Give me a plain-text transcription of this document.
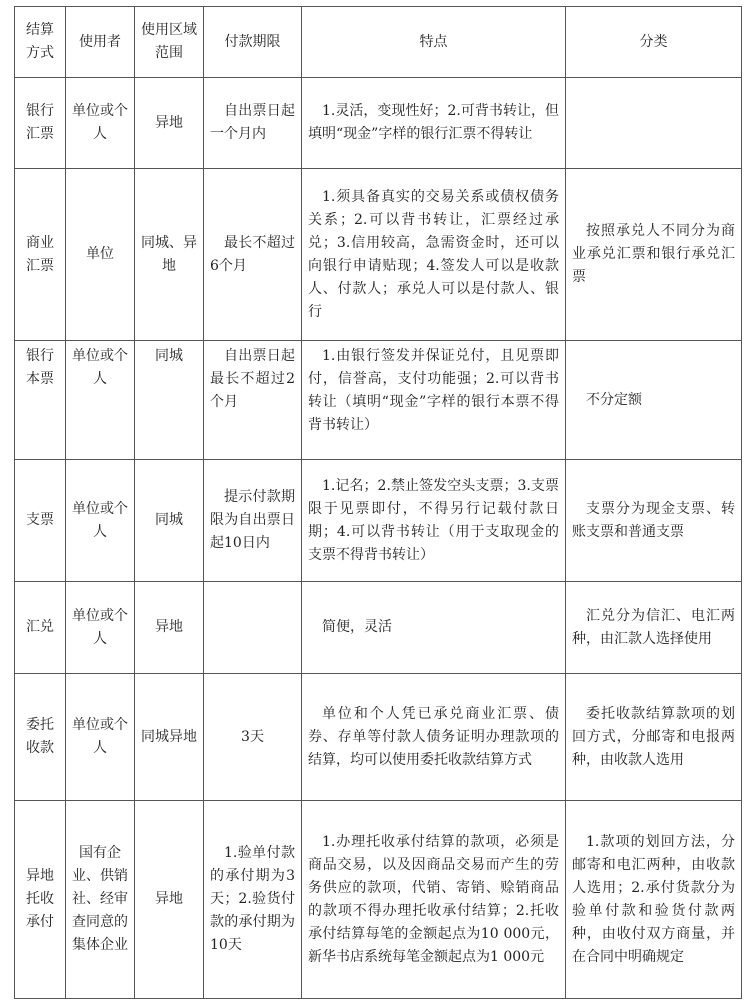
结算方式	使用者	使用区域范围	付款期限	特点	分类
银行汇票	单位或个人	异地	自出票日起一个月内	1.灵活，变现性好；2.可背书转让，但填明“现金”字样的银行汇票不得转让	
商业汇票	单位	同城、异地	最长不超过6个月	1.须具备真实的交易关系或债权债务关系；2.可以背书转让，汇票经过承兑；3.信用较高，急需资金时，还可以向银行申请贴现；4.签发人可以是收款人、付款人；承兑人可以是付款人、银行	按照承兑人不同分为商业承兑汇票和银行承兑汇票
银行本票	单位或个人	同城	自出票日起最长不超过2个月	1.由银行签发并保证兑付，且见票即付，信誉高，支付功能强；2.可以背书转让（填明“现金”字样的银行本票不得背书转让）	不分定额
支票	单位或个人	同城	提示付款期限为自出票日起10日内	1.记名；2.禁止签发空头支票；3.支票限于见票即付，不得另行记载付款日期；4.可以背书转让（用于支取现金的支票不得背书转让）	支票分为现金支票、转账支票和普通支票
汇兑	单位或个人	异地		简便，灵活	汇兑分为信汇、电汇两种，由汇款人选择使用
委托收款	单位或个人	同城异地	3天	单位和个人凭已承兑商业汇票、债券、存单等付款人债务证明办理款项的结算，均可以使用委托收款结算方式	委托收款结算款项的划回方式，分邮寄和电报两种，由收款人选用
异地托收承付	国有企业、供销社、经审查同意的集体企业	异地	1.验单付款的承付期为3天；2.验货付款的承付期为10天	1.办理托收承付结算的款项，必须是商品交易，以及因商品交易而产生的劳务供应的款项，代销、寄销、赊销商品的款项不得办理托收承付结算；2.托收承付结算每笔的金额起点为10 000元，新华书店系统每笔金额起点为1 000元	1.款项的划回方法，分邮寄和电汇两种，由收款人选用；2.承付货款分为验单付款和验货付款两种，由收付双方商量，并在合同中明确规定
